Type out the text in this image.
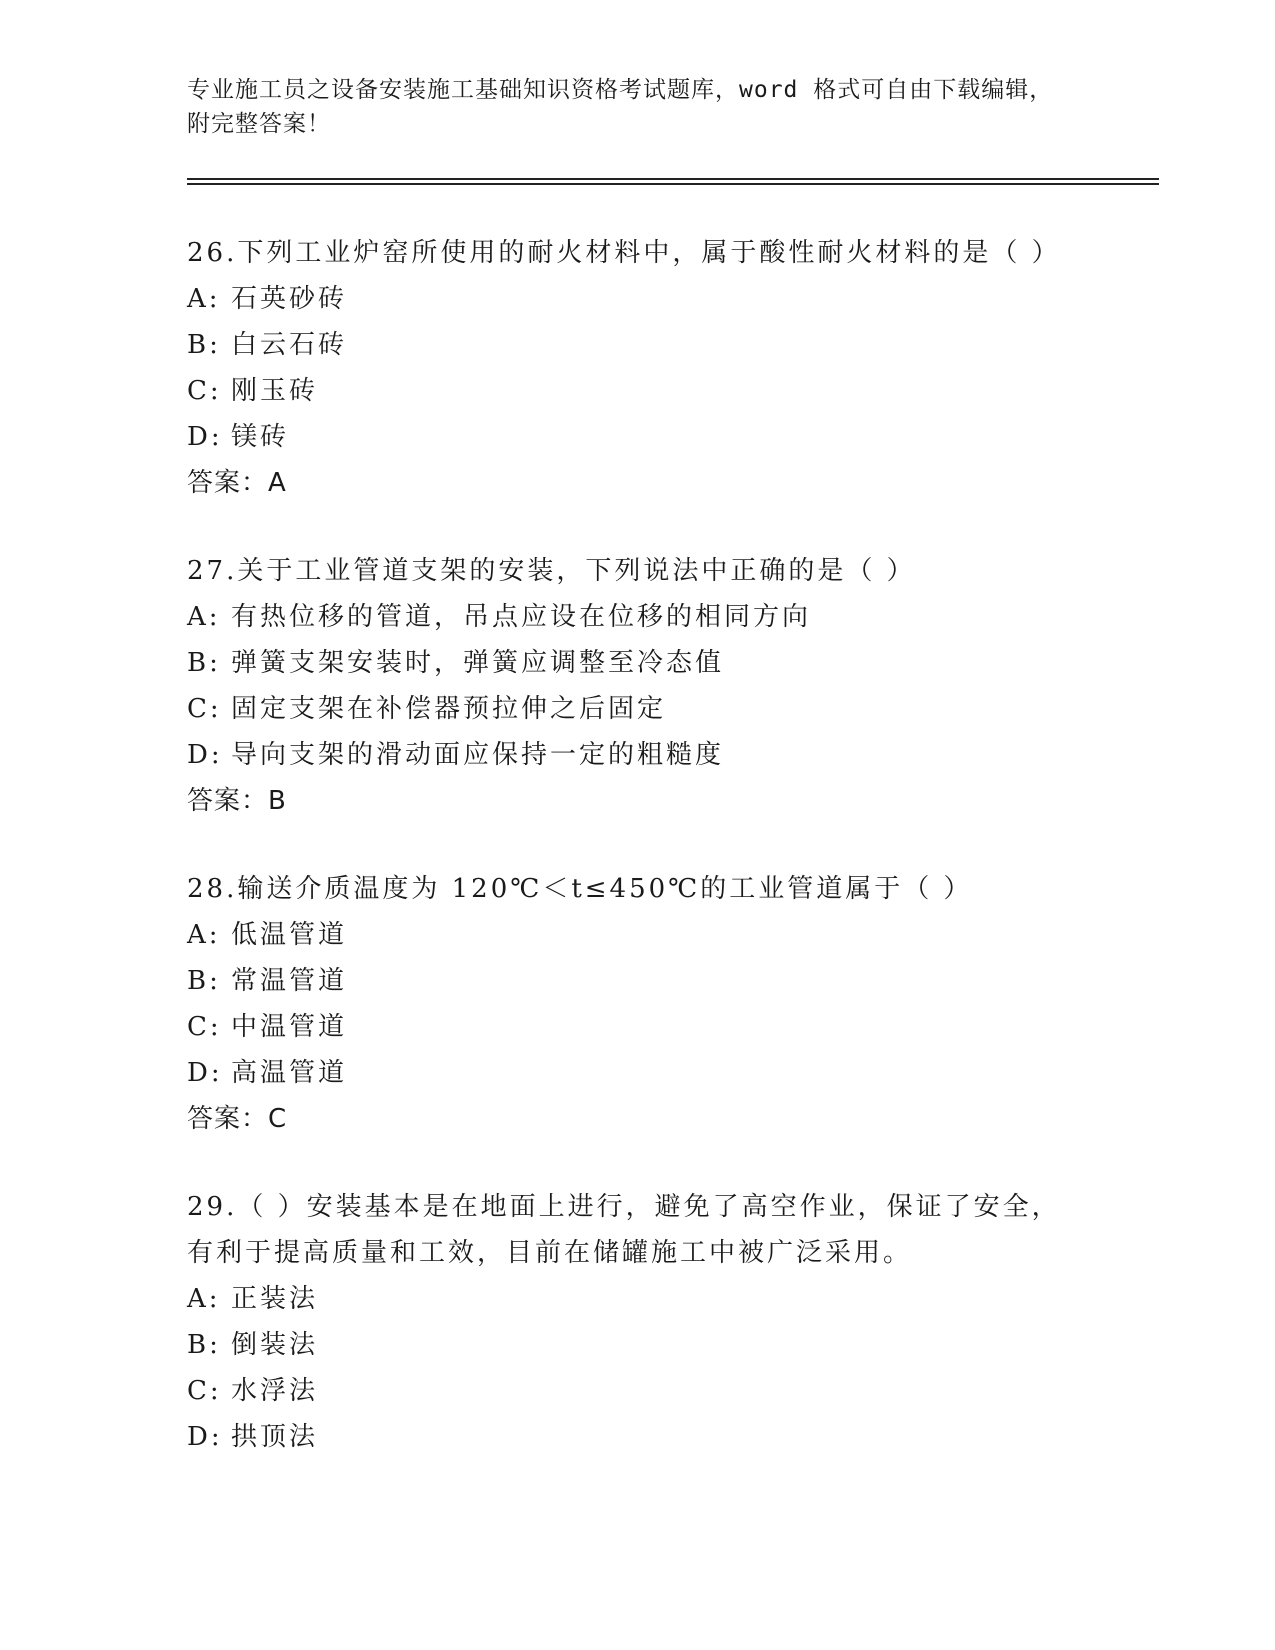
专业施工员之设备安装施工基础知识资格考试题库，word 格式可自由下载编辑，
附完整答案！
26.下列工业炉窑所使用的耐火材料中，属于酸性耐火材料的是（ ）
A: 石英砂砖
B: 白云石砖
C: 刚玉砖
D: 镁砖
答案：A
27.关于工业管道支架的安装，下列说法中正确的是（ ）
A: 有热位移的管道，吊点应设在位移的相同方向
B: 弹簧支架安装时，弹簧应调整至冷态值
C: 固定支架在补偿器预拉伸之后固定
D: 导向支架的滑动面应保持一定的粗糙度
答案：B
28.输送介质温度为 120℃＜t≤450℃的工业管道属于（ ）
A: 低温管道
B: 常温管道
C: 中温管道
D: 高温管道
答案：C
29.（ ）安装基本是在地面上进行，避免了高空作业，保证了安全，
有利于提高质量和工效，目前在储罐施工中被广泛采用。
A: 正装法
B: 倒装法
C: 水浮法
D: 拱顶法
